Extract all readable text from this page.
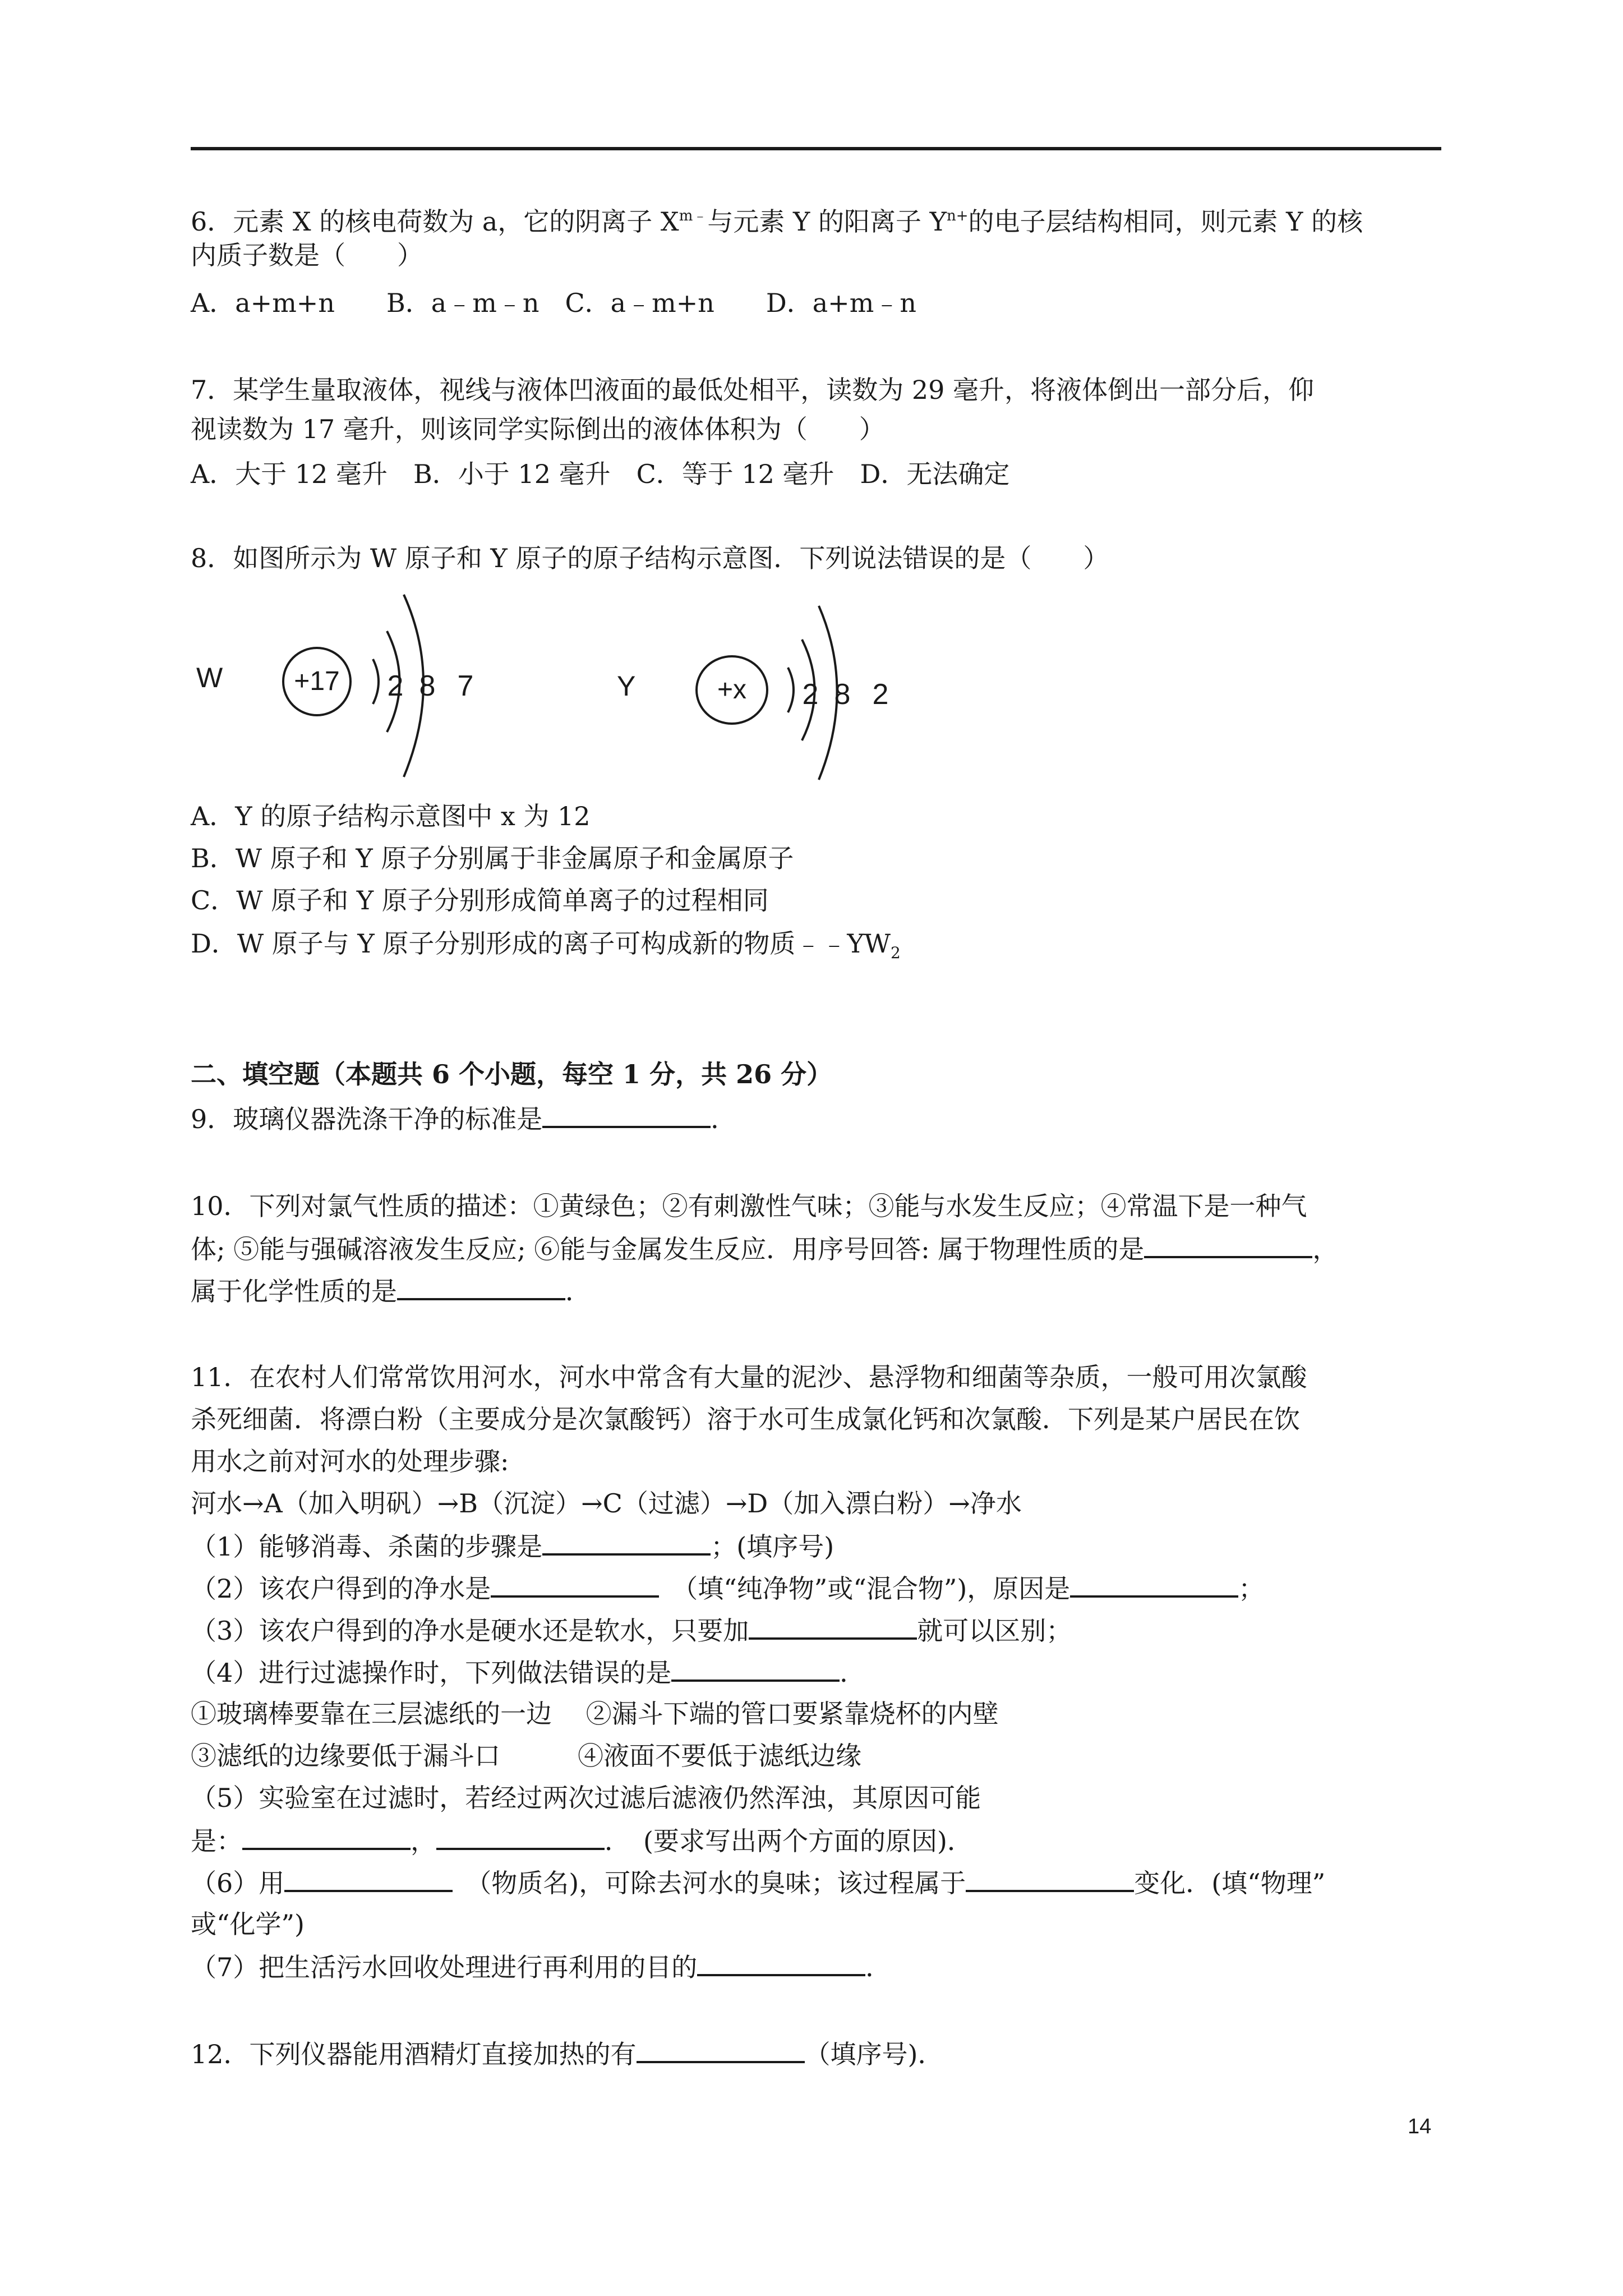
6．元素 X 的核电荷数为 a，它的阴离子 $X^{m﹣}$与元素 Y 的阳离子 $Y^{n+}$的电子层结构相同，则元素 Y 的核
内质子数是（　　）
A．a+m+n　　B．a﹣m﹣n　C．a﹣m+n　　D．a+m﹣n
7．某学生量取液体，视线与液体凹液面的最低处相平，读数为 29 毫升，将液体倒出一部分后，仰
视读数为 17 毫升，则该同学实际倒出的液体体积为（　　）
A．大于 12 毫升　B．小于 12 毫升　C．等于 12 毫升　D．无法确定
8．如图所示为 W 原子和 Y 原子的原子结构示意图．下列说法错误的是（　　）
W	+17 2 8 7	Y	+x 2 8 2
A．Y 的原子结构示意图中 x 为 12
B．W 原子和 Y 原子分别属于非金属原子和金属原子
C．W 原子和 Y 原子分别形成简单离子的过程相同
D．W 原子与 Y 原子分别形成的离子可构成新的物质$﹣﹣YW_2$
二、填空题（本题共 6 个小题，每空 1 分，共 26 分）
9．玻璃仪器洗涤干净的标准是	．
10．下列对氯气性质的描述：①黄绿色；②有刺激性气味；③能与水发生反应；④常温下是一种气
体; ⑤能与强碱溶液发生反应; ⑥能与金属发生反应．用序号回答: 属于物理性质的是	，
属于化学性质的是	．
11．在农村人们常常饮用河水，河水中常含有大量的泥沙、悬浮物和细菌等杂质，一般可用次氯酸
杀死细菌．将漂白粉（主要成分是次氯酸钙）溶于水可生成氯化钙和次氯酸．下列是某户居民在饮
用水之前对河水的处理步骤:
河水→A（加入明矾）→B（沉淀）→C（过滤）→D（加入漂白粉）→净水
（1）能够消毒、杀菌的步骤是	；(填序号)
（2）该农户得到的净水是　	（填“纯净物”或“混合物”)，原因是	；
（3）该农户得到的净水是硬水还是软水，只要加	就可以区别；
（4）进行过滤操作时，下列做法错误的是	．
①玻璃棒要靠在三层滤纸的一边　 ②漏斗下端的管口要紧靠烧杯的内壁
③滤纸的边缘要低于漏斗口　　　④液面不要低于滤纸边缘
（5）实验室在过滤时，若经过两次过滤后滤液仍然浑浊，其原因可能
是：	，	．　(要求写出两个方面的原因)．
（6）用　	（物质名)，可除去河水的臭味；该过程属于	变化．(填“物理”
或“化学”)
（7）把生活污水回收处理进行再利用的目的	．
12．下列仪器能用酒精灯直接加热的有	（填序号)．
14
